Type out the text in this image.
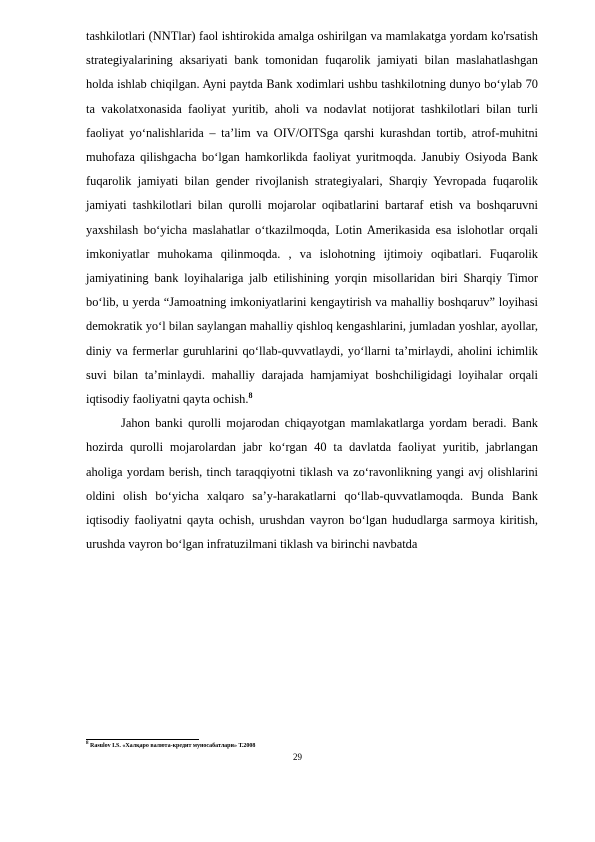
tashkilotlari (NNTlar) faol ishtirokida amalga oshirilgan va mamlakatga yordam ko'rsatish strategiyalarining aksariyati bank tomonidan fuqarolik jamiyati bilan maslahatlashgan holda ishlab chiqilgan. Ayni paytda Bank xodimlari ushbu tashkilotning dunyo bo‘ylab 70 ta vakolatxonasida faoliyat yuritib, aholi va nodavlat notijorat tashkilotlari bilan turli faoliyat yo‘nalishlarida – ta’lim va OIV/OITSga qarshi kurashdan tortib, atrof-muhitni muhofaza qilishgacha bo‘lgan hamkorlikda faoliyat yuritmoqda. Janubiy Osiyoda Bank fuqarolik jamiyati bilan gender rivojlanish strategiyalari, Sharqiy Yevropada fuqarolik jamiyati tashkilotlari bilan qurolli mojarolar oqibatlarini bartaraf etish va boshqaruvni yaxshilash bo‘yicha maslahatlar o‘tkazilmoqda, Lotin Amerikasida esa islohotlar orqali imkoniyatlar muhokama qilinmoqda. , va islohotning ijtimoiy oqibatlari. Fuqarolik jamiyatining bank loyihalariga jalb etilishining yorqin misollaridan biri Sharqiy Timor bo‘lib, u yerda “Jamoatning imkoniyatlarini kengaytirish va mahalliy boshqaruv” loyihasi demokratik yo‘l bilan saylangan mahalliy qishloq kengashlarini, jumladan yoshlar, ayollar, diniy va fermerlar guruhlarini qo‘llab-quvvatlaydi, yo‘llarni ta’mirlaydi, aholini ichimlik suvi bilan ta’minlaydi. mahalliy darajada hamjamiyat boshchiligidagi loyihalar orqali iqtisodiy faoliyatni qayta ochish.$^8$

Jahon banki qurolli mojarodan chiqayotgan mamlakatlarga yordam beradi. Bank hozirda qurolli mojarolardan jabr ko‘rgan 40 ta davlatda faoliyat yuritib, jabrlangan aholiga yordam berish, tinch taraqqiyotni tiklash va zo‘ravonlikning yangi avj olishlarini oldini olish bo‘yicha xalqaro sa’y-harakatlarni qo‘llab-quvvatlamoqda. Bunda Bank iqtisodiy faoliyatni qayta ochish, urushdan vayron bo‘lgan hududlarga sarmoya kiritish, urushda vayron bo‘lgan infratuzilmani tiklash va birinchi navbatda

$^8$ Rasulov I.S. «Халқаро валюта-кредит муносабатлари» Т.2008
29
